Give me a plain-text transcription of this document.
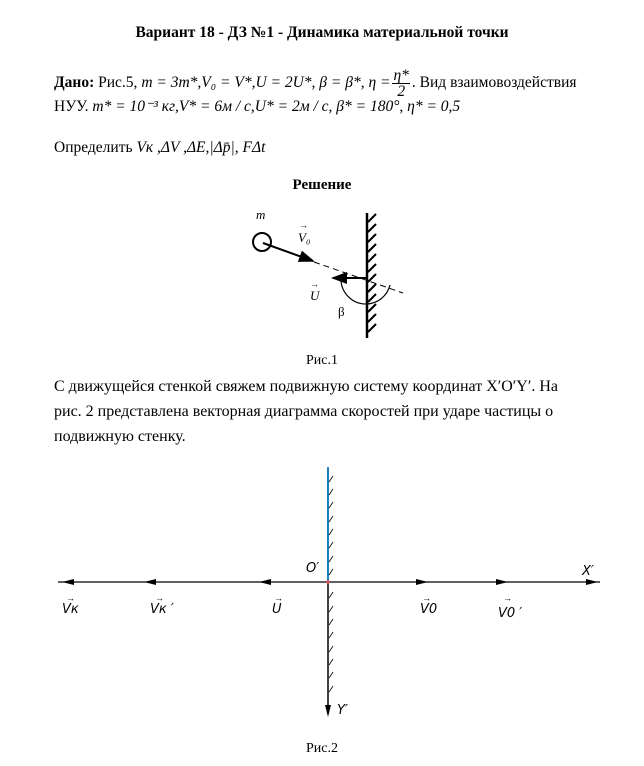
Вариант 18 - ДЗ №1 - Динамика материальной точки
Дано: Рис.5, m = 3m*,V₀ = V*,U = 2U*, β = β*, $\eta = \frac{\eta*}{2}$ . Вид взаимовоздействия
НУУ. m* = 10⁻³ кг,V* = 6м / с,U* = 2м / с, β* = 180°, η* = 0,5
Определить Vк ,ΔV ,ΔE,|Δp̄|, FΔt
Решение
m
V₀
→
U
→
β
Рис.1
С движущейся стенкой свяжем подвижную систему координат X′O′Y′. На
рис. 2 представлена векторная диаграмма скоростей при ударе частицы о
подвижную стенку.
O′	X′
Y′
→	→	→	→	→
Vк	Vк ′	U	V0	V0 ′
Рис.2
